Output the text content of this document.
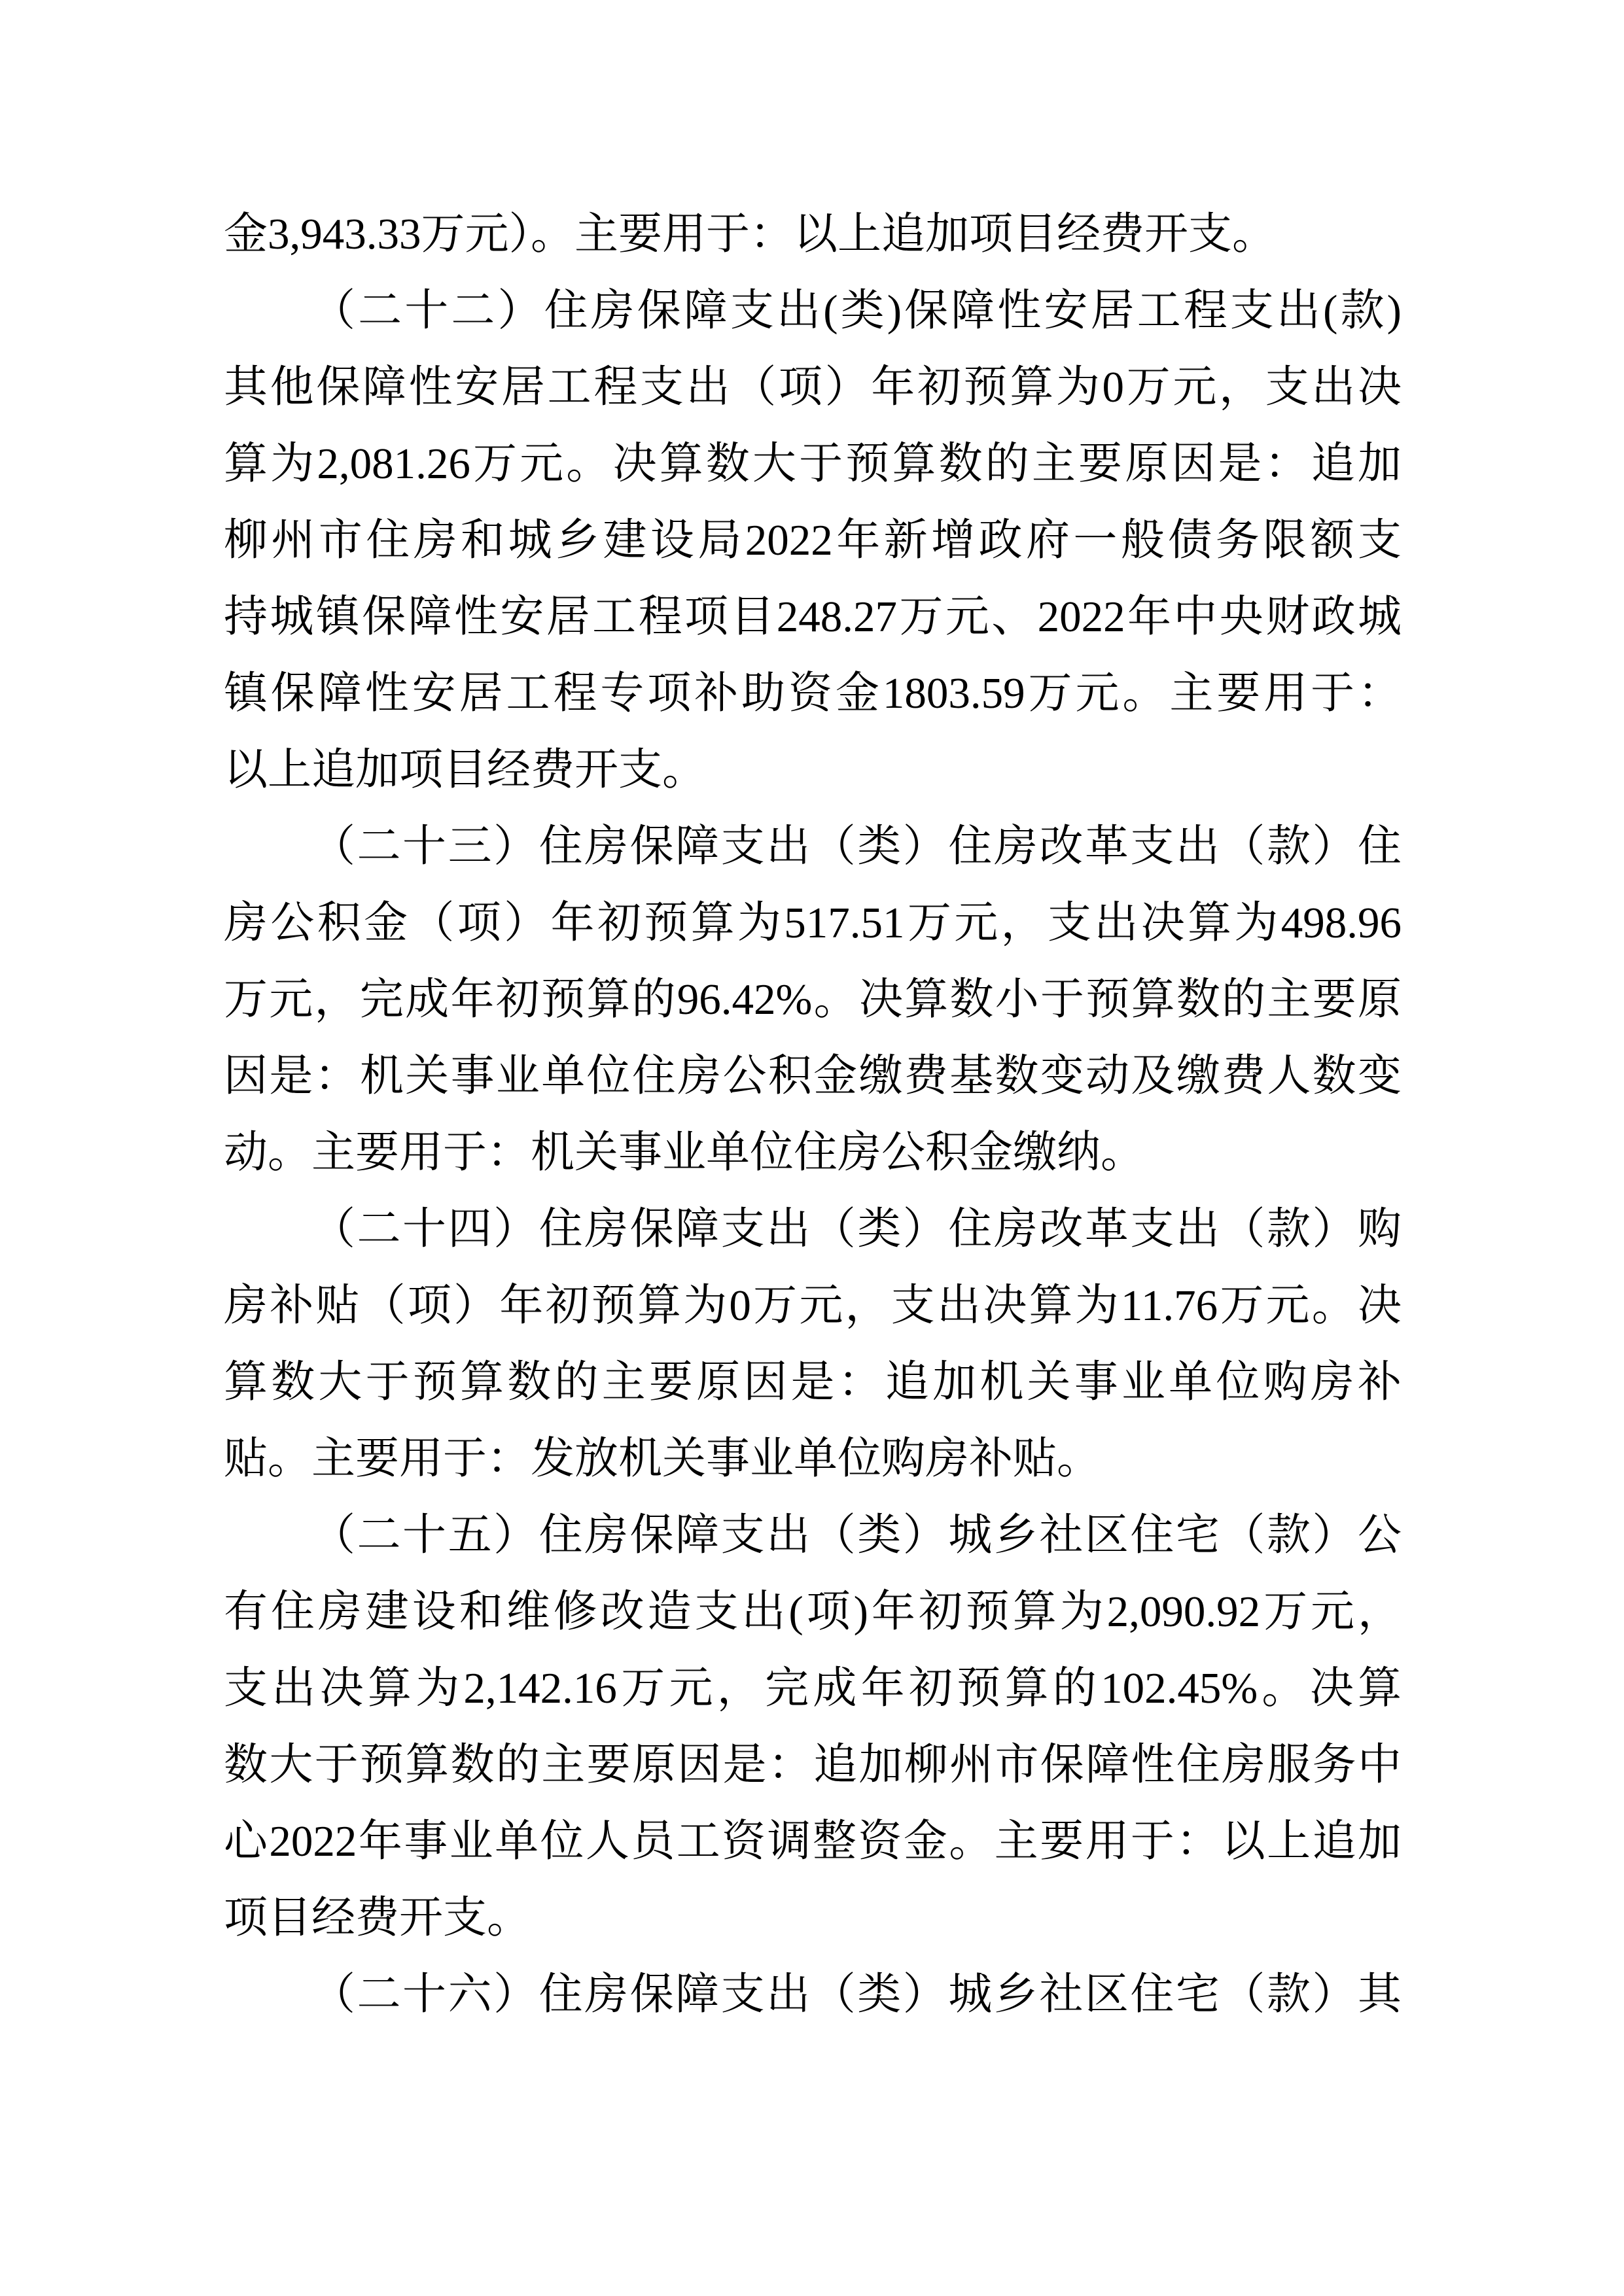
金3,943.33万元）。主要用于：以上追加项目经费开支。
（二十二）住房保障支出(类)保障性安居工程支出(款)
其他保障性安居工程支出（项）年初预算为0万元，支出决
算为2,081.26万元。决算数大于预算数的主要原因是：追加
柳州市住房和城乡建设局2022年新增政府一般债务限额支
持城镇保障性安居工程项目248.27万元、2022年中央财政城
镇保障性安居工程专项补助资金1803.59万元。主要用于：
以上追加项目经费开支。
（二十三）住房保障支出（类）住房改革支出（款）住
房公积金（项）年初预算为517.51万元，支出决算为498.96
万元，完成年初预算的96.42%。决算数小于预算数的主要原
因是：机关事业单位住房公积金缴费基数变动及缴费人数变
动。主要用于：机关事业单位住房公积金缴纳。
（二十四）住房保障支出（类）住房改革支出（款）购
房补贴（项）年初预算为0万元，支出决算为11.76万元。决
算数大于预算数的主要原因是：追加机关事业单位购房补
贴。主要用于：发放机关事业单位购房补贴。
（二十五）住房保障支出（类）城乡社区住宅（款）公
有住房建设和维修改造支出(项)年初预算为2,090.92万元，
支出决算为2,142.16万元，完成年初预算的102.45%。决算
数大于预算数的主要原因是：追加柳州市保障性住房服务中
心2022年事业单位人员工资调整资金。主要用于：以上追加
项目经费开支。
（二十六）住房保障支出（类）城乡社区住宅（款）其
